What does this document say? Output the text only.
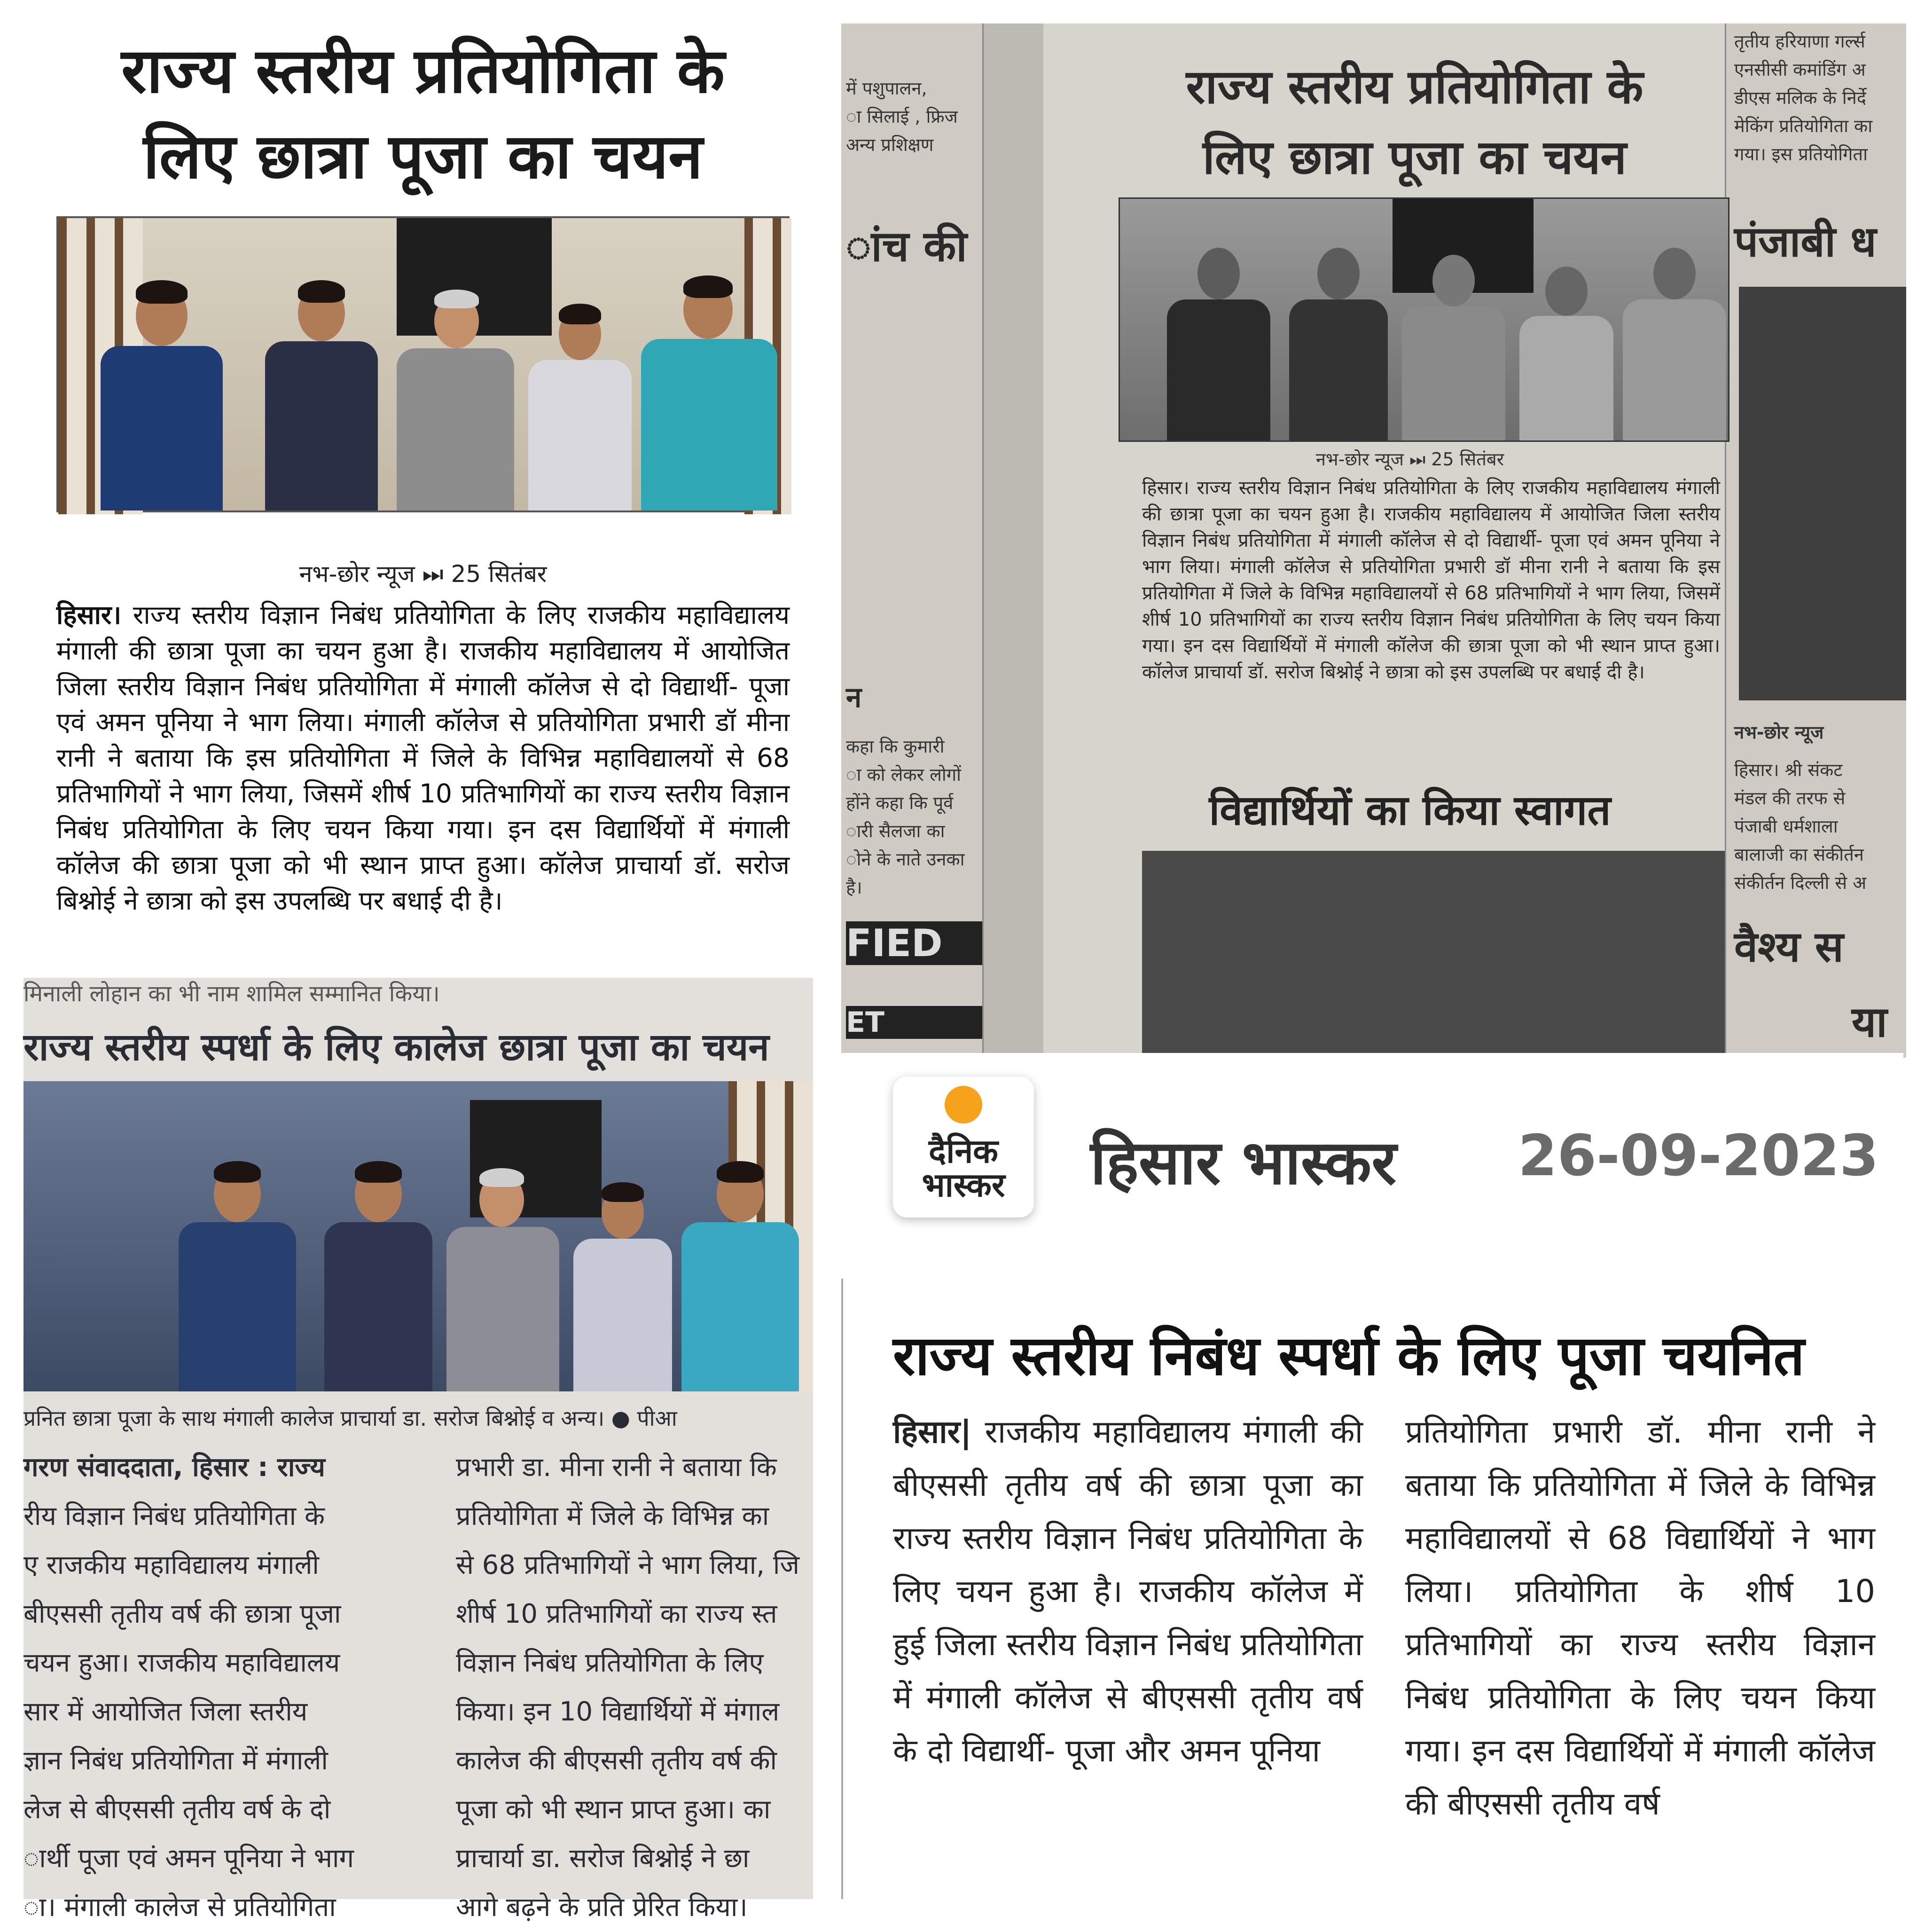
राज्य स्तरीय प्रतियोगिता के
लिए छात्रा पूजा का चयन
नभ-छोर न्यूज ⏭ 25 सितंबर

हिसार। राज्य स्तरीय विज्ञान निबंध प्रतियोगिता के लिए राजकीय महाविद्यालय मंगाली की छात्रा पूजा का चयन हुआ है। राजकीय महाविद्यालय में आयोजित जिला स्तरीय विज्ञान निबंध प्रतियोगिता में मंगाली कॉलेज से दो विद्यार्थी- पूजा एवं अमन पूनिया ने भाग लिया। मंगाली कॉलेज से प्रतियोगिता प्रभारी डॉ मीना रानी ने बताया कि इस प्रतियोगिता में जिले के विभिन्न महाविद्यालयों से 68 प्रतिभागियों ने भाग लिया, जिसमें शीर्ष 10 प्रतिभागियों का राज्य स्तरीय विज्ञान निबंध प्रतियोगिता के लिए चयन किया गया। इन दस विद्यार्थियों में मंगाली कॉलेज की छात्रा पूजा को भी स्थान प्राप्त हुआ। कॉलेज प्राचार्या डॉ. सरोज बिश्नोई ने छात्रा को इस उपलब्धि पर बधाई दी है।

में पशुपालन,
ा सिलाई , फ्रिज
अन्य प्रशिक्षण
ांच की
न
कहा कि कुमारी
ा को लेकर लोगों
होंने कहा कि पूर्व
ारी सैलजा का
ोने के नाते उनका
है।
FIED
ET
तृतीय हरियाणा गर्ल्स
एनसीसी कमांडिंग अ
डीएस मलिक के निर्दे
मेकिंग प्रतियोगिता का
गया। इस प्रतियोगिता
पंजाबी ध
नभ-छोर न्यूज
हिसार। श्री संकट
मंडल की तरफ से
पंजाबी धर्मशाला
बालाजी का संकीर्तन
संकीर्तन दिल्ली से अ
वैश्य स
या
राज्य स्तरीय प्रतियोगिता के
लिए छात्रा पूजा का चयन
नभ-छोर न्यूज ⏭ 25 सितंबर

हिसार। राज्य स्तरीय विज्ञान निबंध प्रतियोगिता के लिए राजकीय महाविद्यालय मंगाली की छात्रा पूजा का चयन हुआ है। राजकीय महाविद्यालय में आयोजित जिला स्तरीय विज्ञान निबंध प्रतियोगिता में मंगाली कॉलेज से दो विद्यार्थी- पूजा एवं अमन पूनिया ने भाग लिया। मंगाली कॉलेज से प्रतियोगिता प्रभारी डॉ मीना रानी ने बताया कि इस प्रतियोगिता में जिले के विभिन्न महाविद्यालयों से 68 प्रतिभागियों ने भाग लिया, जिसमें शीर्ष 10 प्रतिभागियों का राज्य स्तरीय विज्ञान निबंध प्रतियोगिता के लिए चयन किया गया। इन दस विद्यार्थियों में मंगाली कॉलेज की छात्रा पूजा को भी स्थान प्राप्त हुआ। कॉलेज प्राचार्या डॉ. सरोज बिश्नोई ने छात्रा को इस उपलब्धि पर बधाई दी है।

विद्यार्थियों का किया स्वागत
मिनाली लोहान का भी नाम शामिल सम्मानित किया।
राज्य स्तरीय स्पर्धा के लिए कालेज छात्रा पूजा का चयन
प्रनित छात्रा पूजा के साथ मंगाली कालेज प्राचार्या डा. सरोज बिश्नोई व अन्य। ● पीआ
गरण संवाददाता, हिसार : राज्य
रीय विज्ञान निबंध प्रतियोगिता के
ए राजकीय महाविद्यालय मंगाली
बीएससी तृतीय वर्ष की छात्रा पूजा
चयन हुआ। राजकीय महाविद्यालय
सार में आयोजित जिला स्तरीय
ज्ञान निबंध प्रतियोगिता में मंगाली
लेज से बीएससी तृतीय वर्ष के दो
ार्थी पूजा एवं अमन पूनिया ने भाग
ा। मंगाली कालेज से प्रतियोगिता
प्रभारी डा. मीना रानी ने बताया कि
प्रतियोगिता में जिले के विभिन्न का
से 68 प्रतिभागियों ने भाग लिया, जि
शीर्ष 10 प्रतिभागियों का राज्य स्त
विज्ञान निबंध प्रतियोगिता के लिए
किया। इन 10 विद्यार्थियों में मंगाल
कालेज की बीएससी तृतीय वर्ष की
पूजा को भी स्थान प्राप्त हुआ। का
प्राचार्या डा. सरोज बिश्नोई ने छा
आगे बढ़ने के प्रति प्रेरित किया।
दैनिक
भास्कर	हिसार भास्कर 26-09-2023
राज्य स्तरीय निबंध स्पर्धा के लिए पूजा चयनित

हिसार| राजकीय महाविद्यालय मंगाली की बीएससी तृतीय वर्ष की छात्रा पूजा का राज्य स्तरीय विज्ञान निबंध प्रतियोगिता के लिए चयन हुआ है। राजकीय कॉलेज में हुई जिला स्तरीय विज्ञान निबंध प्रतियोगिता में मंगाली कॉलेज से बीएससी तृतीय वर्ष के दो विद्यार्थी- पूजा और अमन पूनिया

प्रतियोगिता प्रभारी डॉ. मीना रानी ने बताया कि प्रतियोगिता में जिले के विभिन्न महाविद्यालयों से 68 विद्यार्थियों ने भाग लिया। प्रतियोगिता के शीर्ष 10 प्रतिभागियों का राज्य स्तरीय विज्ञान निबंध प्रतियोगिता के लिए चयन किया गया। इन दस विद्यार्थियों में मंगाली कॉलेज की बीएससी तृतीय वर्ष
